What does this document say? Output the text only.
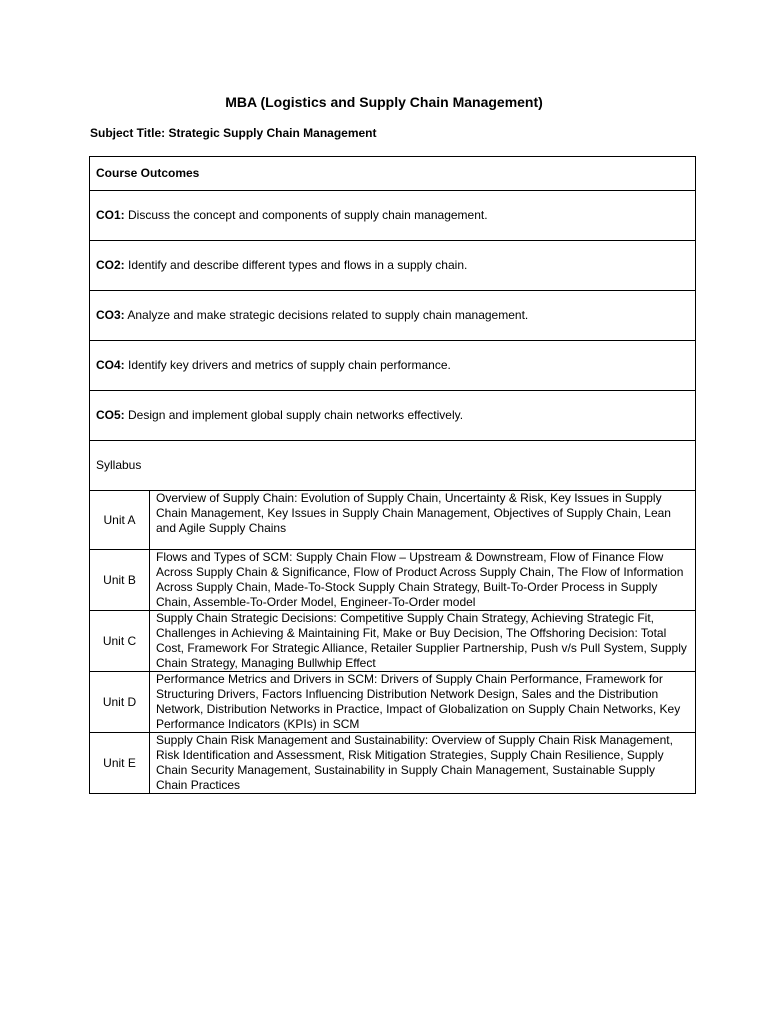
MBA (Logistics and Supply Chain Management)
Subject Title: Strategic Supply Chain Management
Course Outcomes	
CO1: Discuss the concept and components of supply chain management.	
CO2: Identify and describe different types and flows in a supply chain.	
CO3: Analyze and make strategic decisions related to supply chain management.	
CO4: Identify key drivers and metrics of supply chain performance.	
CO5: Design and implement global supply chain networks effectively.	
Syllabus	
Unit A	Overview of Supply Chain: Evolution of Supply Chain, Uncertainty & Risk, Key Issues in Supply Chain Management, Key Issues in Supply Chain Management, Objectives of Supply Chain, Lean and Agile Supply Chains
Unit B	Flows and Types of SCM: Supply Chain Flow – Upstream & Downstream, Flow of Finance Flow Across Supply Chain & Significance, Flow of Product Across Supply Chain, The Flow of Information Across Supply Chain, Made-To-Stock Supply Chain Strategy, Built-To-Order Process in Supply Chain, Assemble-To-Order Model, Engineer-To-Order model
Unit C	Supply Chain Strategic Decisions: Competitive Supply Chain Strategy, Achieving Strategic Fit, Challenges in Achieving & Maintaining Fit, Make or Buy Decision, The Offshoring Decision: Total Cost, Framework For Strategic Alliance, Retailer Supplier Partnership, Push v/s Pull System, Supply Chain Strategy, Managing Bullwhip Effect
Unit D	Performance Metrics and Drivers in SCM: Drivers of Supply Chain Performance, Framework for Structuring Drivers, Factors Influencing Distribution Network Design, Sales and the Distribution Network, Distribution Networks in Practice, Impact of Globalization on Supply Chain Networks, Key Performance Indicators (KPIs) in SCM
Unit E	Supply Chain Risk Management and Sustainability: Overview of Supply Chain Risk Management, Risk Identification and Assessment, Risk Mitigation Strategies, Supply Chain Resilience, Supply Chain Security Management, Sustainability in Supply Chain Management, Sustainable Supply Chain Practices
